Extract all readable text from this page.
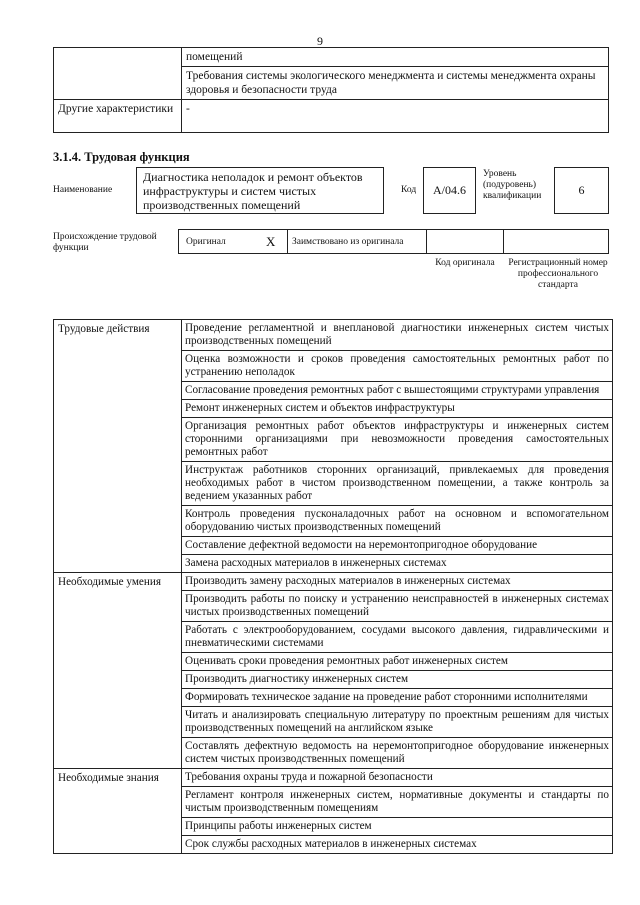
9
	помещений
	Требования системы экологического менеджмента и системы менеджмента охраны здоровья и безопасности труда
Другие характеристики	-
3.1.4. Трудовая функция
Наименование
Диагностика неполадок и ремонт объектов инфраструктуры и систем чистых производственных помещений
Код	А/04.6
Уровень (подуровень) квалификации	6
Происхождение трудовой функции
Оригинал	X Заимствовано из оригинала
Код оригинала	Регистрационный номер профессионального стандарта
Трудовые действия	Проведение регламентной и внеплановой диагностики инженерных систем чистых производственных помещений
	Оценка возможности и сроков проведения самостоятельных ремонтных работ по устранению неполадок
	Согласование проведения ремонтных работ с вышестоящими структурами управления
	Ремонт инженерных систем и объектов инфраструктуры
	Организация ремонтных работ объектов инфраструктуры и инженерных систем сторонними организациями при невозможности проведения самостоятельных ремонтных работ
	Инструктаж работников сторонних организаций, привлекаемых для проведения необходимых работ в чистом производственном помещении, а также контроль за ведением указанных работ
	Контроль проведения пусконаладочных работ на основном и вспомогательном оборудованию чистых производственных помещений
	Составление дефектной ведомости на неремонтопригодное оборудование
	Замена расходных материалов в инженерных системах
Необходимые умения	Производить замену расходных материалов в инженерных системах
	Производить работы по поиску и устранению неисправностей в инженерных системах чистых производственных помещений
	Работать с электрооборудованием, сосудами высокого давления, гидравлическими и пневматическими системами
	Оценивать сроки проведения ремонтных работ инженерных систем
	Производить диагностику инженерных систем
	Формировать техническое задание на проведение работ сторонними исполнителями
	Читать и анализировать специальную литературу по проектным решениям для чистых производственных помещений на английском языке
	Составлять дефектную ведомость на неремонтопригодное оборудование инженерных систем чистых производственных помещений
Необходимые знания	Требования охраны труда и пожарной безопасности
	Регламент контроля инженерных систем, нормативные документы и стандарты по чистым производственным помещениям
	Принципы работы инженерных систем
	Срок службы расходных материалов в инженерных системах
